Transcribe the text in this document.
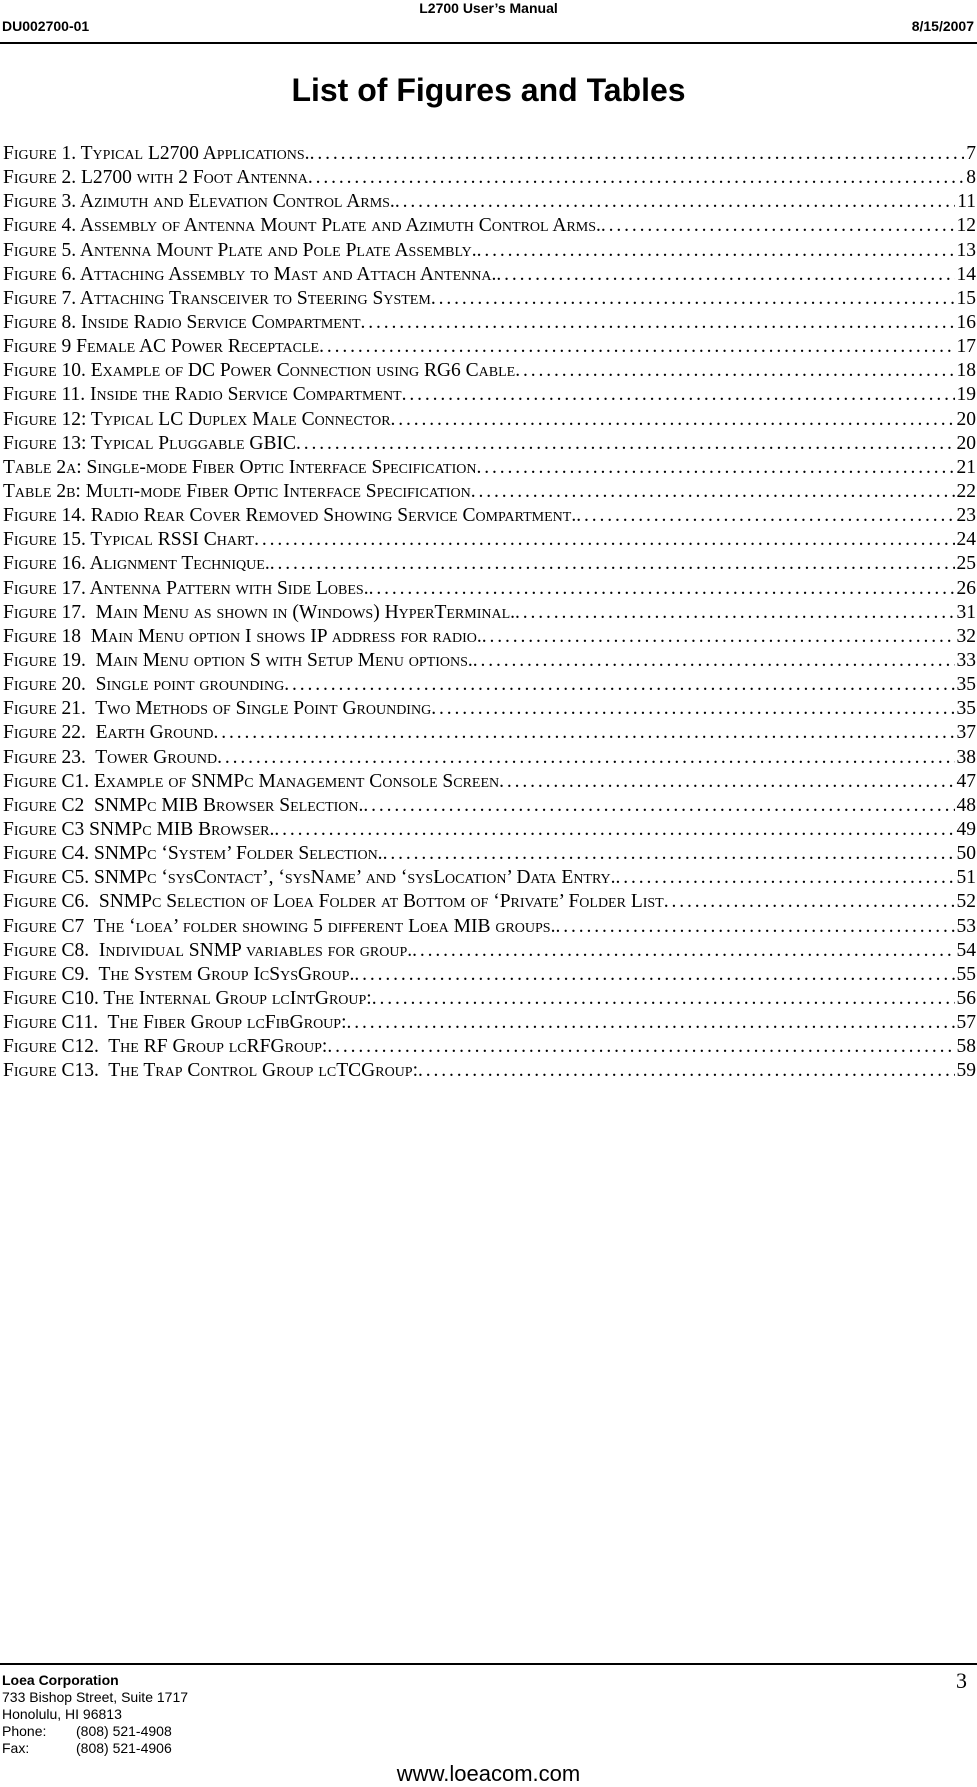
L2700 User’s Manual
DU002700-01	8/15/2007
List of Figures and Tables
Figure 1. Typical L2700 Applications. . . .	7
Figure 2. L2700 with 2 Foot Antenna . . .	8
Figure 3. Azimuth and Elevation Control Arms. . . .	11
Figure 4. Assembly of Antenna Mount Plate and Azimuth Control Arms. . . .	12
Figure 5. Antenna Mount Plate and Pole Plate Assembly. . . .	13
Figure 6. Attaching Assembly to Mast and Attach Antenna. . . .	14
Figure 7. Attaching Transceiver to Steering System . . .	15
Figure 8. Inside Radio Service Compartment . . .	16
Figure 9 Female AC Power Receptacle . . .	17
Figure 10. Example of DC Power Connection using RG6 Cable . . .	18
Figure 11. Inside the Radio Service Compartment . . .	19
Figure 12: Typical LC Duplex Male Connector . . .	20
Figure 13: Typical Pluggable GBIC . . .	20
Table 2a: Single-mode Fiber Optic Interface Specification . . .	21
Table 2b: Multi-mode Fiber Optic Interface Specification . . .	22
Figure 14. Radio Rear Cover Removed Showing Service Compartment. . . .	23
Figure 15. Typical RSSI Chart . . .	24
Figure 16. Alignment Technique. . . .	25
Figure 17. Antenna Pattern with Side Lobes. . . .	26
Figure 17.  Main Menu as shown in (Windows) HyperTerminal. . . .	31
Figure 18  Main Menu option I shows IP address for radio. . . .	32
Figure 19.  Main Menu option S with Setup Menu options. . . .	33
Figure 20.  Single point grounding . . .	35
Figure 21.  Two Methods of Single Point Grounding . . .	35
Figure 22.  Earth Ground . . .	37
Figure 23.  Tower Ground . . .	38
Figure C1. Example of SNMPc Management Console Screen . . .	47
Figure C2  SNMPc MIB Browser Selection. . . .	48
Figure C3 SNMPc MIB Browser. . . .	49
Figure C4. SNMPc ‘System’ Folder Selection. . . .	50
Figure C5. SNMPc ‘sysContact’, ‘sysName’ and ‘sysLocation’ Data Entry. . . .	51
Figure C6.  SNMPc Selection of Loea Folder at Bottom of ‘Private’ Folder List . . .	52
Figure C7  The ‘loea’ folder showing 5 different Loea MIB groups. . . .	53
Figure C8.  Individual SNMP variables for group. . . .	54
Figure C9.  The System Group IcSysGroup. . . .	55
Figure C10. The Internal Group lcIntGroup: . . .	56
Figure C11.  The Fiber Group lcFibGroup: . . .	57
Figure C12.  The RF Group lcRFGroup: . . .	58
Figure C13.  The Trap Control Group lcTCGroup: . . .	59
Loea Corporation
733 Bishop Street, Suite 1717
Honolulu, HI 96813
Phone:	(808) 521-4908
Fax:	(808) 521-4906
3
www.loeacom.com
